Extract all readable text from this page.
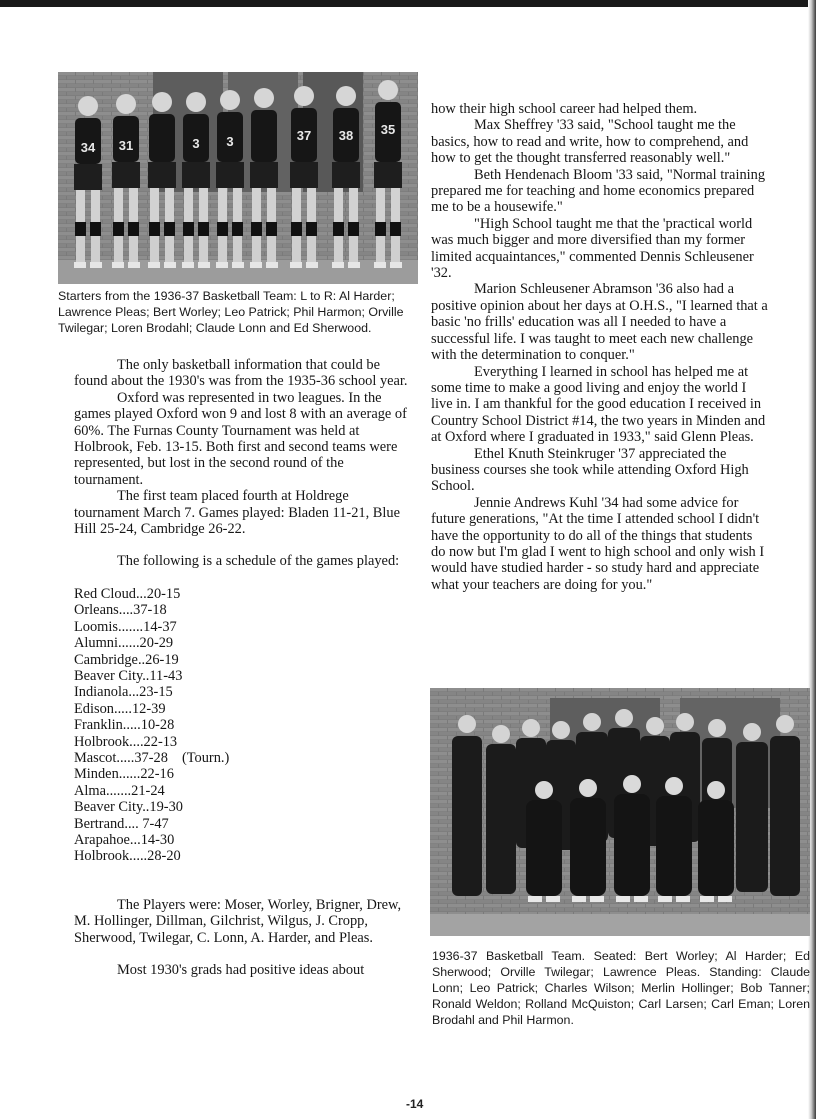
34 31	3 3	37 38 35

Starters from the 1936-37 Basketball Team: L to R: Al Harder; Lawrence Pleas; Bert Worley; Leo Patrick; Phil Harmon; Orville Twilegar; Loren Brodahl; Claude Lonn and Ed Sherwood.

The only basketball information that could be found about the 1930's was from the 1935-36 school year.

Oxford was represented in two leagues. In the games played Oxford won 9 and lost 8 with an average of 60%. The Furnas County Tournament was held at Holbrook, Feb. 13-15. Both first and second teams were represented, but lost in the second round of the tournament.

The first team placed fourth at Holdrege tournament March 7. Games played: Bladen 11-21, Blue Hill 25-24, Cambridge 26-22.

The following is a schedule of the games played:

Red Cloud...20-15
Orleans....37-18
Loomis.......14-37
Alumni......20-29
Cambridge..26-19
Beaver City..11-43
Indianola...23-15
Edison.....12-39
Franklin.....10-28
Holbrook....22-13
Mascot.....37-28 (Tourn.)
Minden......22-16
Alma.......21-24
Beaver City..19-30
Bertrand.... 7-47
Arapahoe...14-30
Holbrook.....28-20

The Players were: Moser, Worley, Brigner, Drew, M. Hollinger, Dillman, Gilchrist, Wilgus, J. Cropp, Sherwood, Twilegar, C. Lonn, A. Harder, and Pleas.

Most 1930's grads had positive ideas about

how their high school career had helped them.

Max Sheffrey '33 said, "School taught me the basics, how to read and write, how to comprehend, and how to get the thought transferred reasonably well."

Beth Hendenach Bloom '33 said, "Normal training prepared me for teaching and home economics prepared me to be a housewife."

"High School taught me that the 'practical world was much bigger and more diversified than my former limited acquaintances," commented Dennis Schleusener '32.

Marion Schleusener Abramson '36 also had a positive opinion about her days at O.H.S., "I learned that a basic 'no frills' education was all I needed to have a successful life. I was taught to meet each new challenge with the determination to conquer."

Everything I learned in school has helped me at some time to make a good living and enjoy the world I live in. I am thankful for the good education I received in Country School District #14, the two years in Minden and at Oxford where I graduated in 1933," said Glenn Pleas.

Ethel Knuth Steinkruger '37 appreciated the business courses she took while attending Oxford High School.

Jennie Andrews Kuhl '34 had some advice for future generations, "At the time I attended school I didn't have the opportunity to do all of the things that students do now but I'm glad I went to high school and only wish I would have studied harder - so study hard and appreciate what your teachers are doing for you."

1936-37 Basketball Team. Seated: Bert Worley; Al Harder; Ed Sherwood; Orville Twilegar; Lawrence Pleas. Standing: Claude Lonn; Leo Patrick; Charles Wilson; Merlin Hollinger; Bob Tanner; Ronald Weldon; Rolland McQuiston; Carl Larsen; Carl Eman; Loren Brodahl and Phil Harmon.

-14
